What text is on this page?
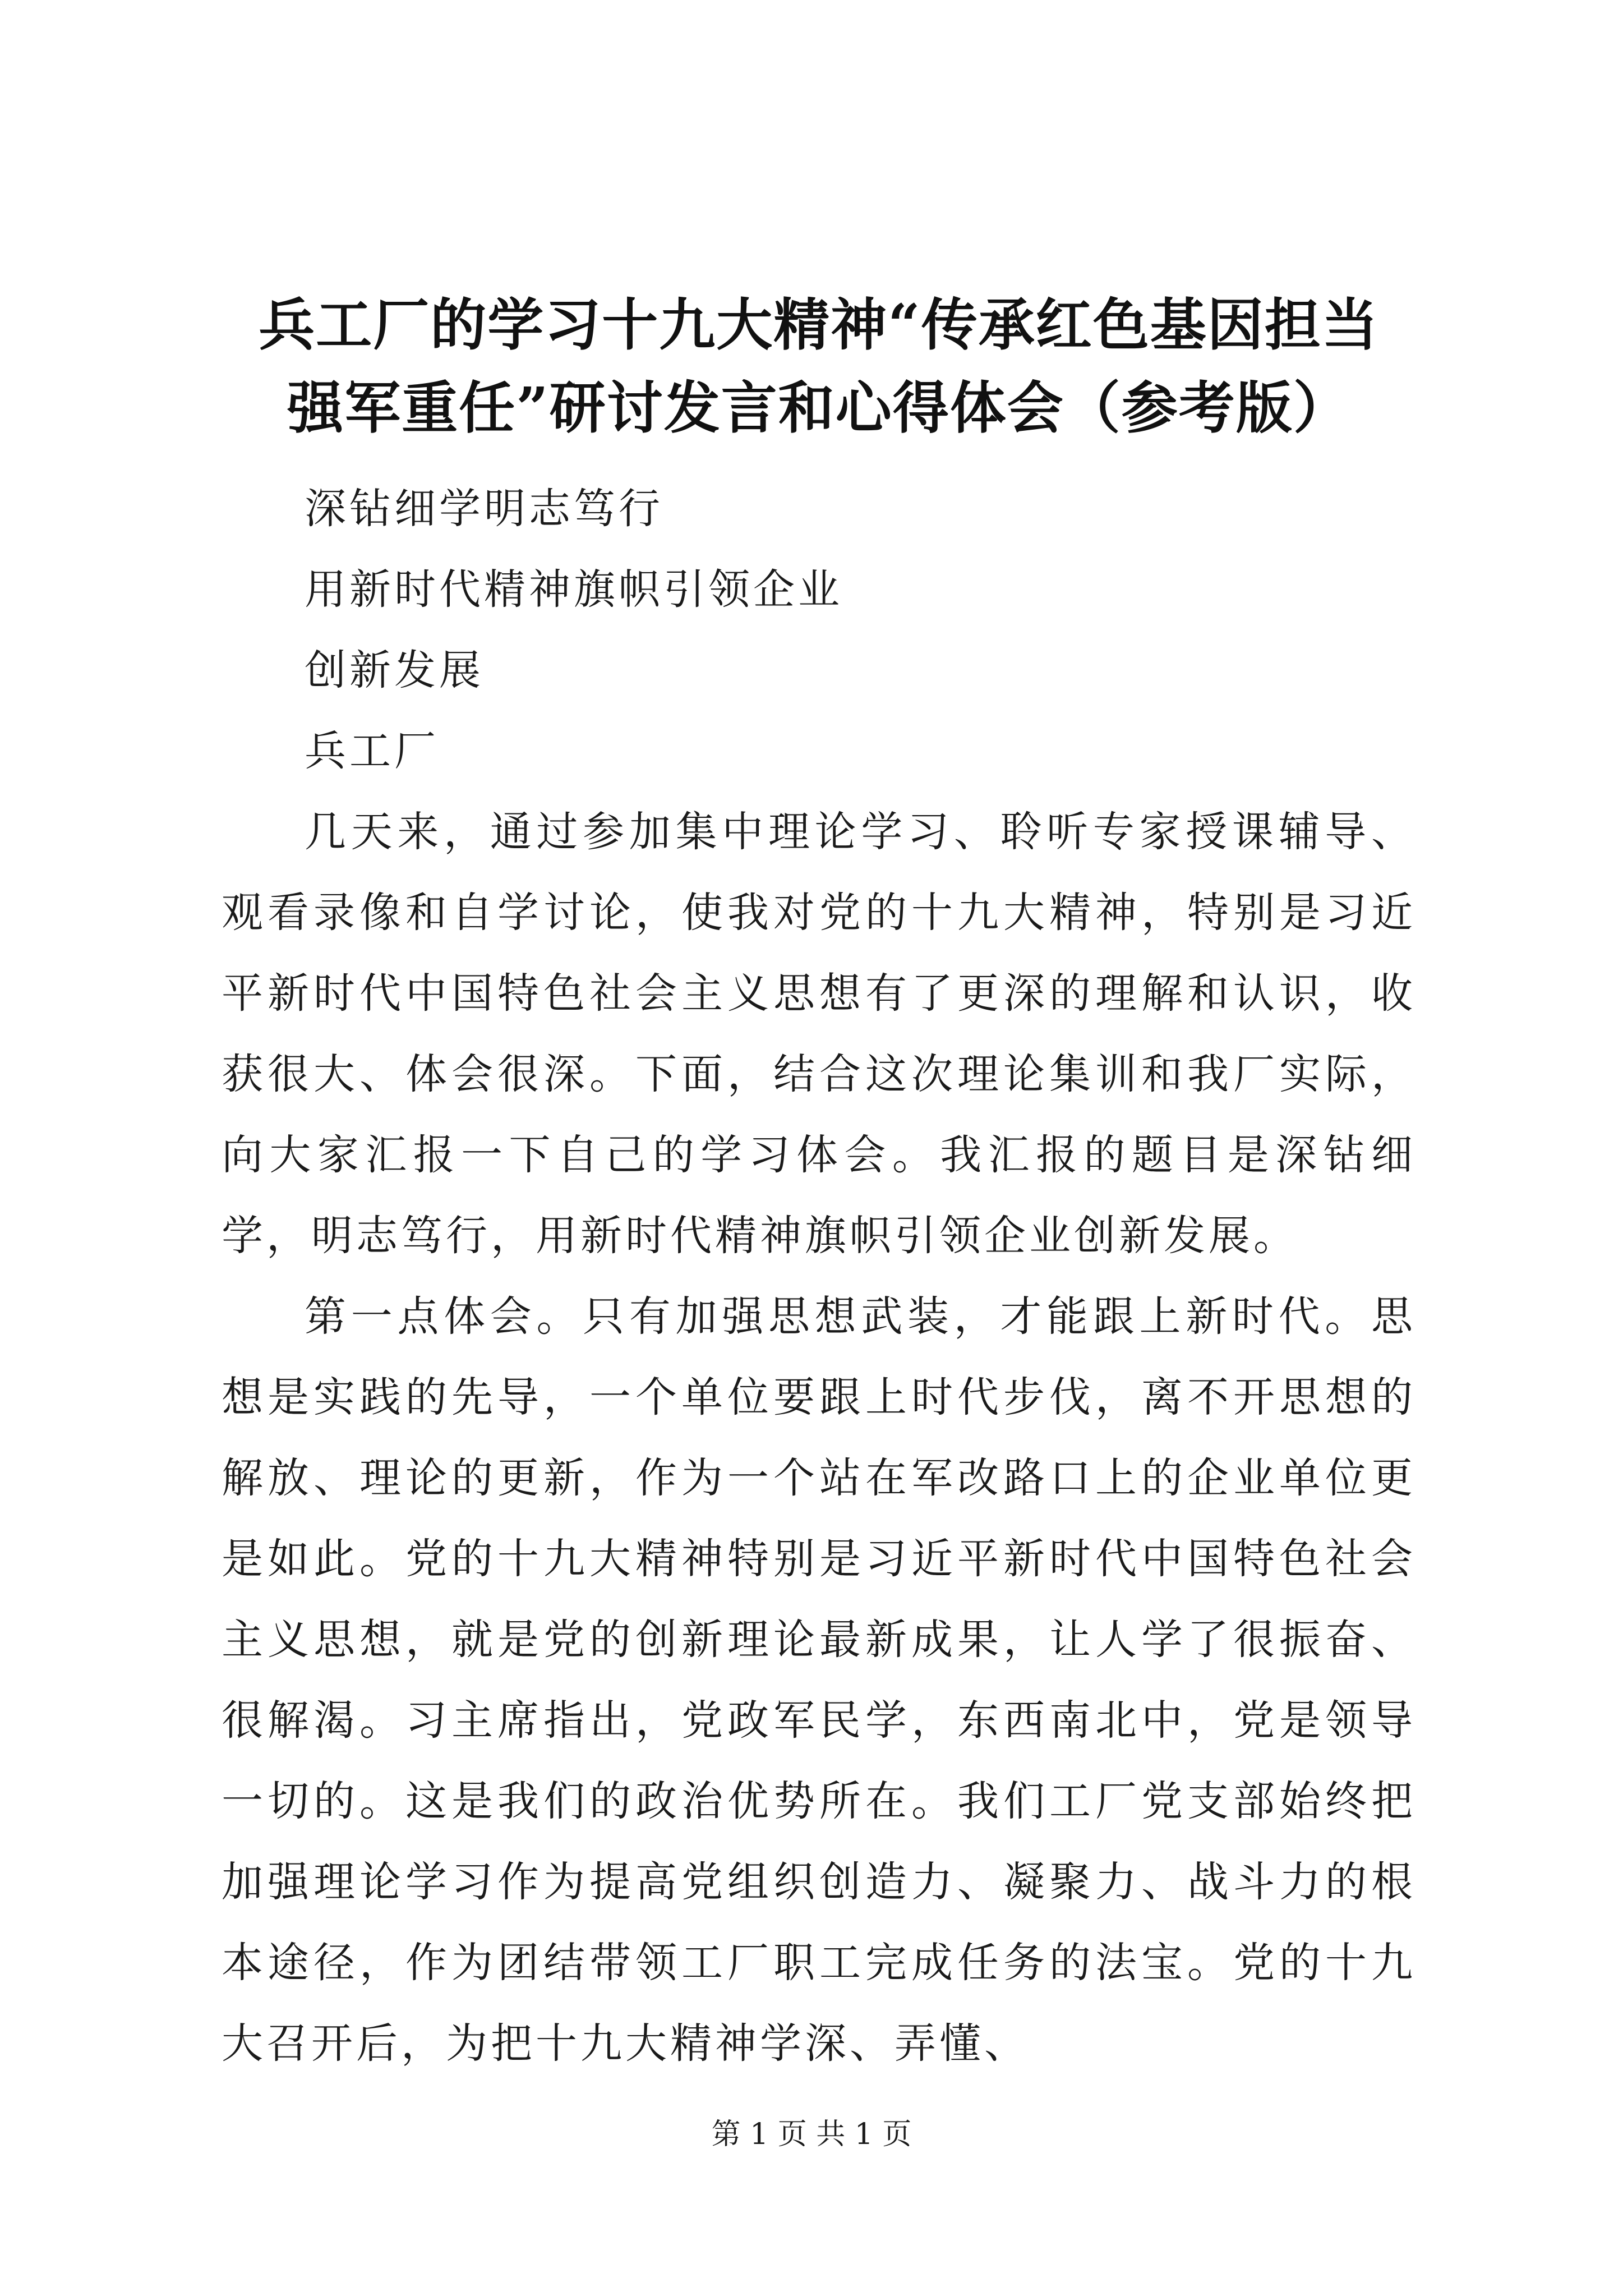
兵工厂的学习十九大精神“传承红色基因担当
强军重任”研讨发言和心得体会（参考版）

深钻细学明志笃行

用新时代精神旗帜引领企业

创新发展

兵工厂

几天来，通过参加集中理论学习、聆听专家授课辅导、观看录像和自学讨论，使我对党的十九大精神，特别是习近平新时代中国特色社会主义思想有了更深的理解和认识，收获很大、体会很深。下面，结合这次理论集训和我厂实际，向大家汇报一下自己的学习体会。我汇报的题目是深钻细学，明志笃行，用新时代精神旗帜引领企业创新发展。

第一点体会。只有加强思想武装，才能跟上新时代。思想是实践的先导，一个单位要跟上时代步伐，离不开思想的解放、理论的更新，作为一个站在军改路口上的企业单位更是如此。党的十九大精神特别是习近平新时代中国特色社会主义思想，就是党的创新理论最新成果，让人学了很振奋、很解渴。习主席指出，党政军民学，东西南北中，党是领导一切的。这是我们的政治优势所在。我们工厂党支部始终把加强理论学习作为提高党组织创造力、凝聚力、战斗力的根本途径，作为团结带领工厂职工完成任务的法宝。党的十九大召开后，为把十九大精神学深、弄懂、

第 1 页 共 1 页
